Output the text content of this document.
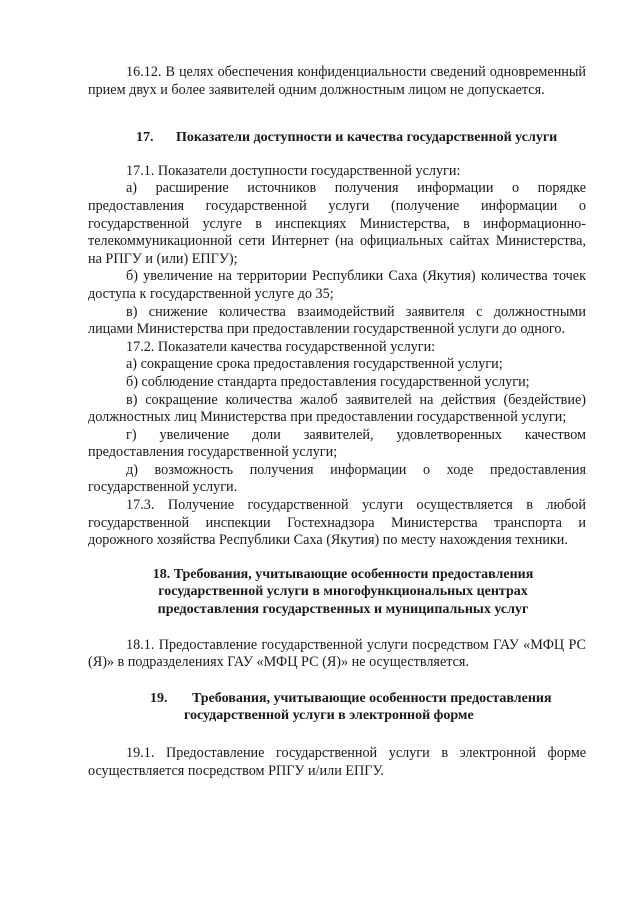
16.12. В целях обеспечения конфиденциальности сведений одновременный прием двух и более заявителей одним должностным лицом не допускается.

17. Показатели доступности и качества государственной услуги

17.1. Показатели доступности государственной услуги:

а) расширение источников получения информации о порядке предоставления государственной услуги (получение информации о государственной услуге в инспекциях Министерства, в информационно-телекоммуникационной сети Интернет (на официальных сайтах Министерства, на РПГУ и (или) ЕПГУ);

б) увеличение на территории Республики Саха (Якутия) количества точек доступа к государственной услуге до 35;

в) снижение количества взаимодействий заявителя с должностными лицами Министерства при предоставлении государственной услуги до одного.

17.2. Показатели качества государственной услуги:

а) сокращение срока предоставления государственной услуги;

б) соблюдение стандарта предоставления государственной услуги;

в) сокращение количества жалоб заявителей на действия (бездействие) должностных лиц Министерства при предоставлении государственной услуги;

г) увеличение доли заявителей, удовлетворенных качеством предоставления государственной услуги;

д) возможность получения информации о ходе предоставления государственной услуги.

17.3. Получение государственной услуги осуществляется в любой государственной инспекции Гостехнадзора Министерства транспорта и дорожного хозяйства Республики Саха (Якутия) по месту нахождения техники.

18. Требования, учитывающие особенности предоставления государственной услуги в многофункциональных центрах предоставления государственных и муниципальных услуг

18.1. Предоставление государственной услуги посредством ГАУ «МФЦ РС (Я)» в подразделениях ГАУ «МФЦ РС (Я)» не осуществляется.

19. Требования, учитывающие особенности предоставления
государственной услуги в электронной форме

19.1. Предоставление государственной услуги в электронной форме осуществляется посредством РПГУ и/или ЕПГУ.
